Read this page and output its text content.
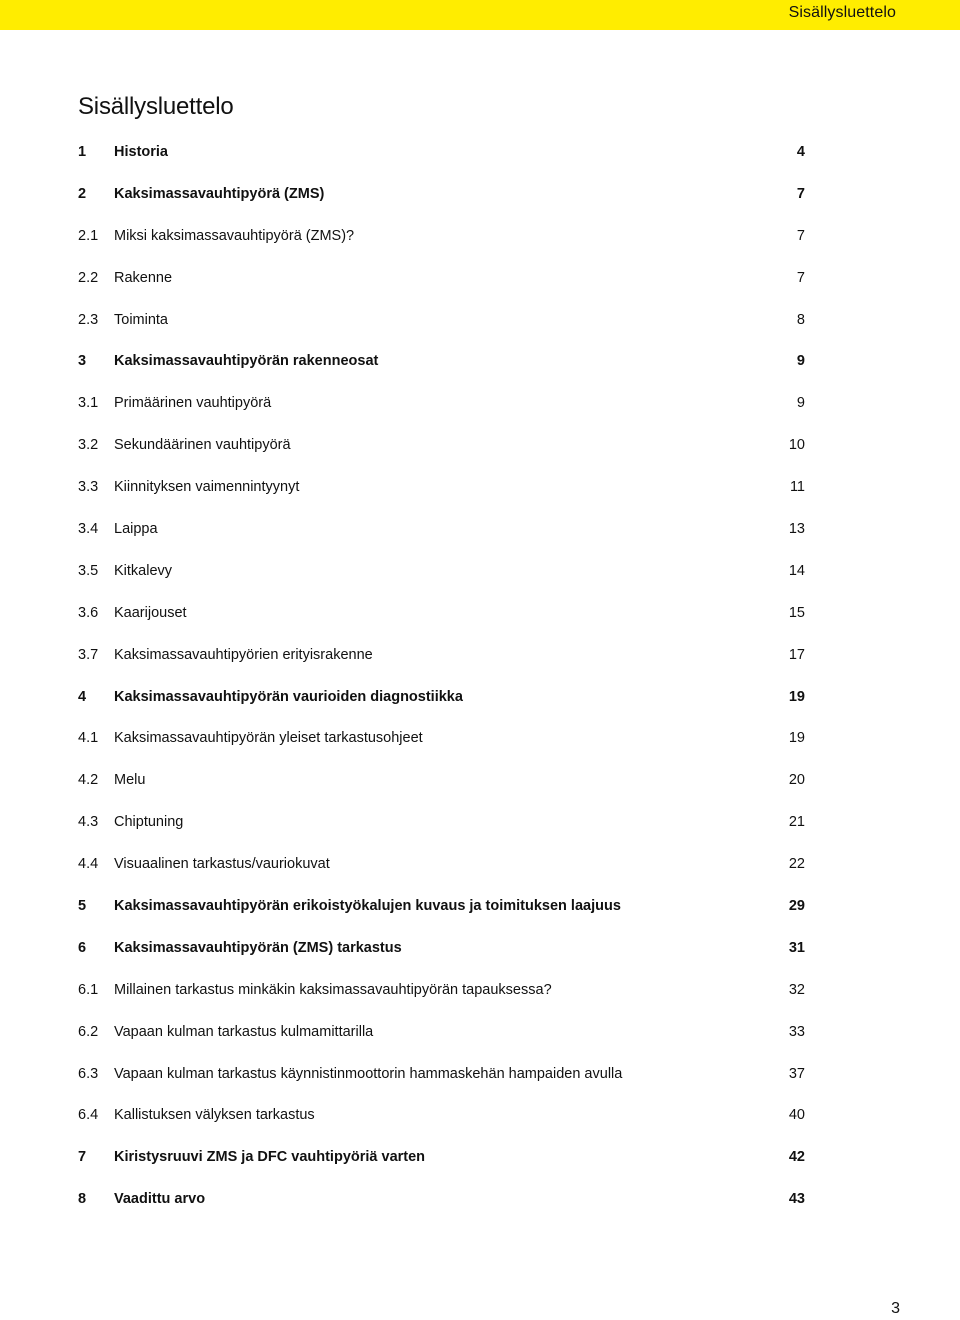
Sisällysluettelo
Sisällysluettelo
1 Historia	4
2 Kaksimassavauhtipyörä (ZMS)	7
2.1 Miksi kaksimassavauhtipyörä (ZMS)?	7
2.2 Rakenne	7
2.3 Toiminta	8
3 Kaksimassavauhtipyörän rakenneosat	9
3.1 Primäärinen vauhtipyörä	9
3.2 Sekundäärinen vauhtipyörä	10
3.3 Kiinnityksen vaimennintyynyt	11
3.4 Laippa	13
3.5 Kitkalevy	14
3.6 Kaarijouset	15
3.7 Kaksimassavauhtipyörien erityisrakenne	17
4 Kaksimassavauhtipyörän vaurioiden diagnostiikka	19
4.1 Kaksimassavauhtipyörän yleiset tarkastusohjeet	19
4.2 Melu	20
4.3 Chiptuning	21
4.4 Visuaalinen tarkastus/vauriokuvat	22
5 Kaksimassavauhtipyörän erikoistyökalujen kuvaus ja toimituksen laajuus	29
6 Kaksimassavauhtipyörän (ZMS) tarkastus	31
6.1 Millainen tarkastus minkäkin kaksimassavauhtipyörän tapauksessa?	32
6.2 Vapaan kulman tarkastus kulmamittarilla	33
6.3 Vapaan kulman tarkastus käynnistinmoottorin hammaskehän hampaiden avulla	37
6.4 Kallistuksen välyksen tarkastus	40
7 Kiristysruuvi ZMS ja DFC vauhtipyöriä varten	42
8 Vaadittu arvo	43
3
